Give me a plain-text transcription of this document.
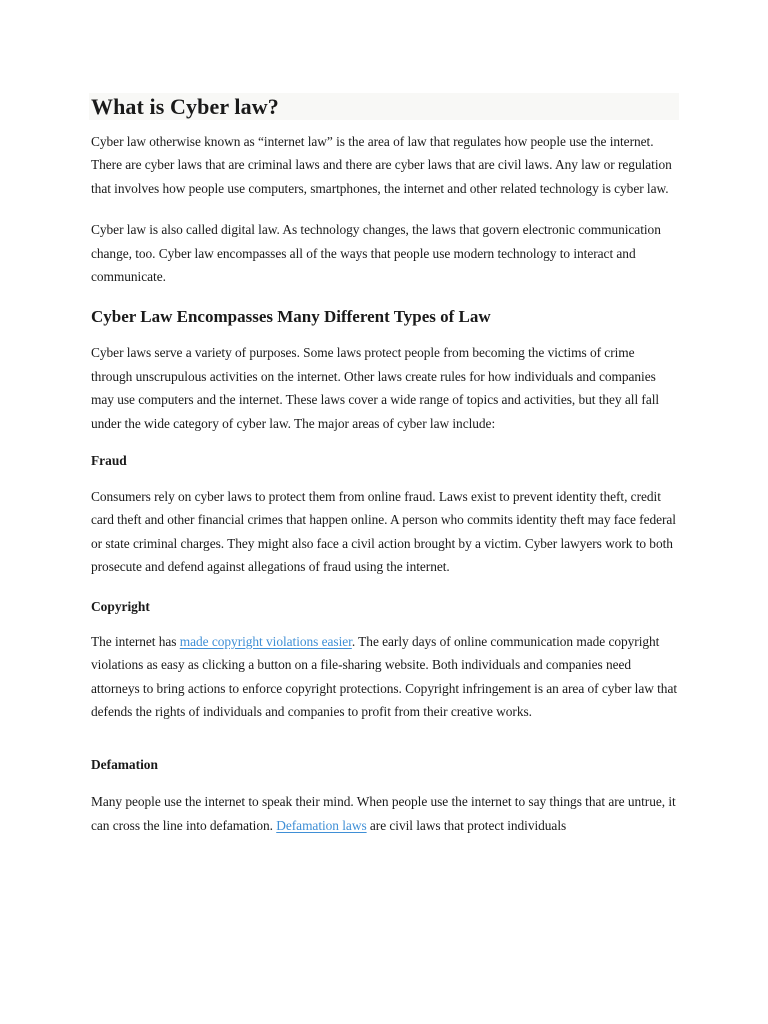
What is Cyber law?

Cyber law otherwise known as “internet law” is the area of law that regulates how people use the internet. There are cyber laws that are criminal laws and there are cyber laws that are civil laws. Any law or regulation that involves how people use computers, smartphones, the internet and other related technology is cyber law.

Cyber law is also called digital law. As technology changes, the laws that govern electronic communication change, too. Cyber law encompasses all of the ways that people use modern technology to interact and communicate.

Cyber Law Encompasses Many Different Types of Law

Cyber laws serve a variety of purposes. Some laws protect people from becoming the victims of crime through unscrupulous activities on the internet. Other laws create rules for how individuals and companies may use computers and the internet. These laws cover a wide range of topics and activities, but they all fall under the wide category of cyber law. The major areas of cyber law include:

Fraud

Consumers rely on cyber laws to protect them from online fraud. Laws exist to prevent identity theft, credit card theft and other financial crimes that happen online. A person who commits identity theft may face federal or state criminal charges. They might also face a civil action brought by a victim. Cyber lawyers work to both prosecute and defend against allegations of fraud using the internet.

Copyright

The internet has made copyright violations easier. The early days of online communication made copyright violations as easy as clicking a button on a file-sharing website. Both individuals and companies need attorneys to bring actions to enforce copyright protections. Copyright infringement is an area of cyber law that defends the rights of individuals and companies to profit from their creative works.

Defamation

Many people use the internet to speak their mind. When people use the internet to say things that are untrue, it can cross the line into defamation. Defamation laws are civil laws that protect individuals
